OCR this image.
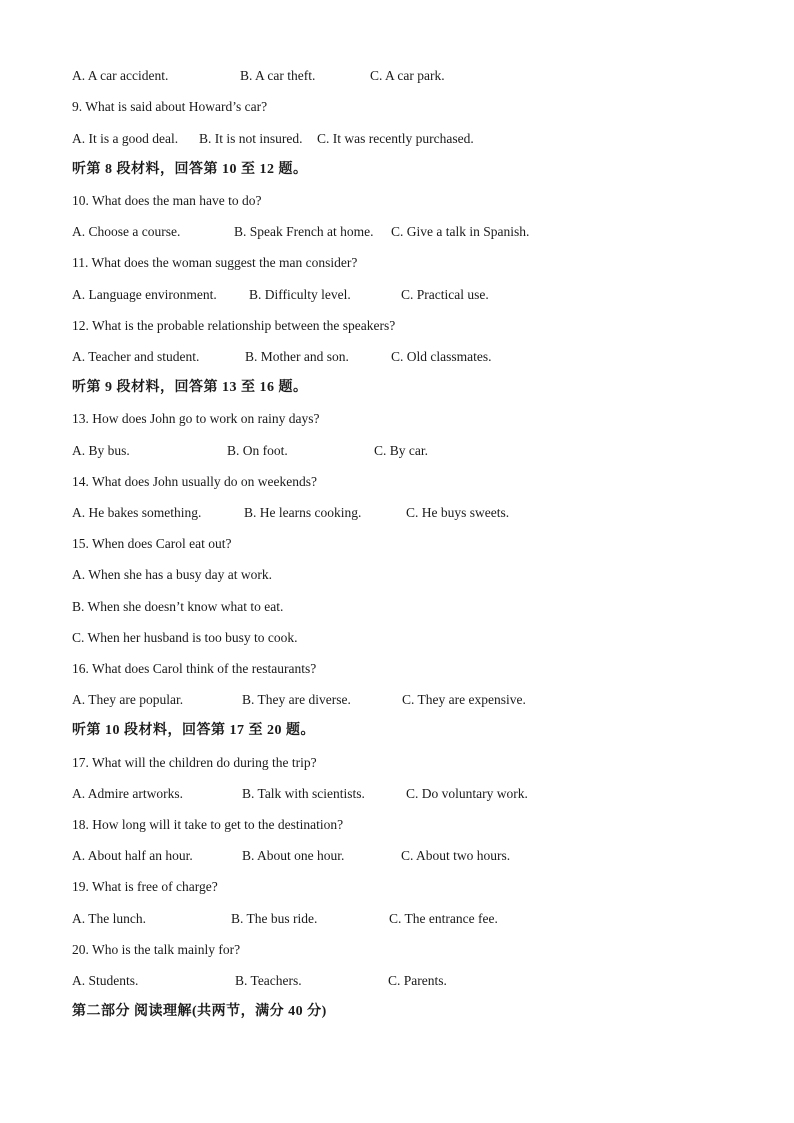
A. A car accident.	B. A car theft.	C. A car park.
9. What is said about Howard’s car?
A. It is a good deal. B. It is not insured. C. It was recently purchased.
听第 8 段材料，回答第 10 至 12 题。
10. What does the man have to do?
A. Choose a course.	B. Speak French at home. C. Give a talk in Spanish.
11. What does the woman suggest the man consider?
A. Language environment. B. Difficulty level.	C. Practical use.
12. What is the probable relationship between the speakers?
A. Teacher and student.	B. Mother and son.	C. Old classmates.
听第 9 段材料，回答第 13 至 16 题。
13. How does John go to work on rainy days?
A. By bus.	B. On foot.	C. By car.
14. What does John usually do on weekends?
A. He bakes something.	B. He learns cooking.	C. He buys sweets.
15. When does Carol eat out?
A. When she has a busy day at work.
B. When she doesn’t know what to eat.
C. When her husband is too busy to cook.
16. What does Carol think of the restaurants?
A. They are popular.	B. They are diverse.	C. They are expensive.
听第 10 段材料，回答第 17 至 20 题。
17. What will the children do during the trip?
A. Admire artworks.	B. Talk with scientists.	C. Do voluntary work.
18. How long will it take to get to the destination?
A. About half an hour.	B. About one hour.	C. About two hours.
19. What is free of charge?
A. The lunch.	B. The bus ride.	C. The entrance fee.
20. Who is the talk mainly for?
A. Students.	B. Teachers.	C. Parents.
第二部分 阅读理解(共两节，满分 40 分)
